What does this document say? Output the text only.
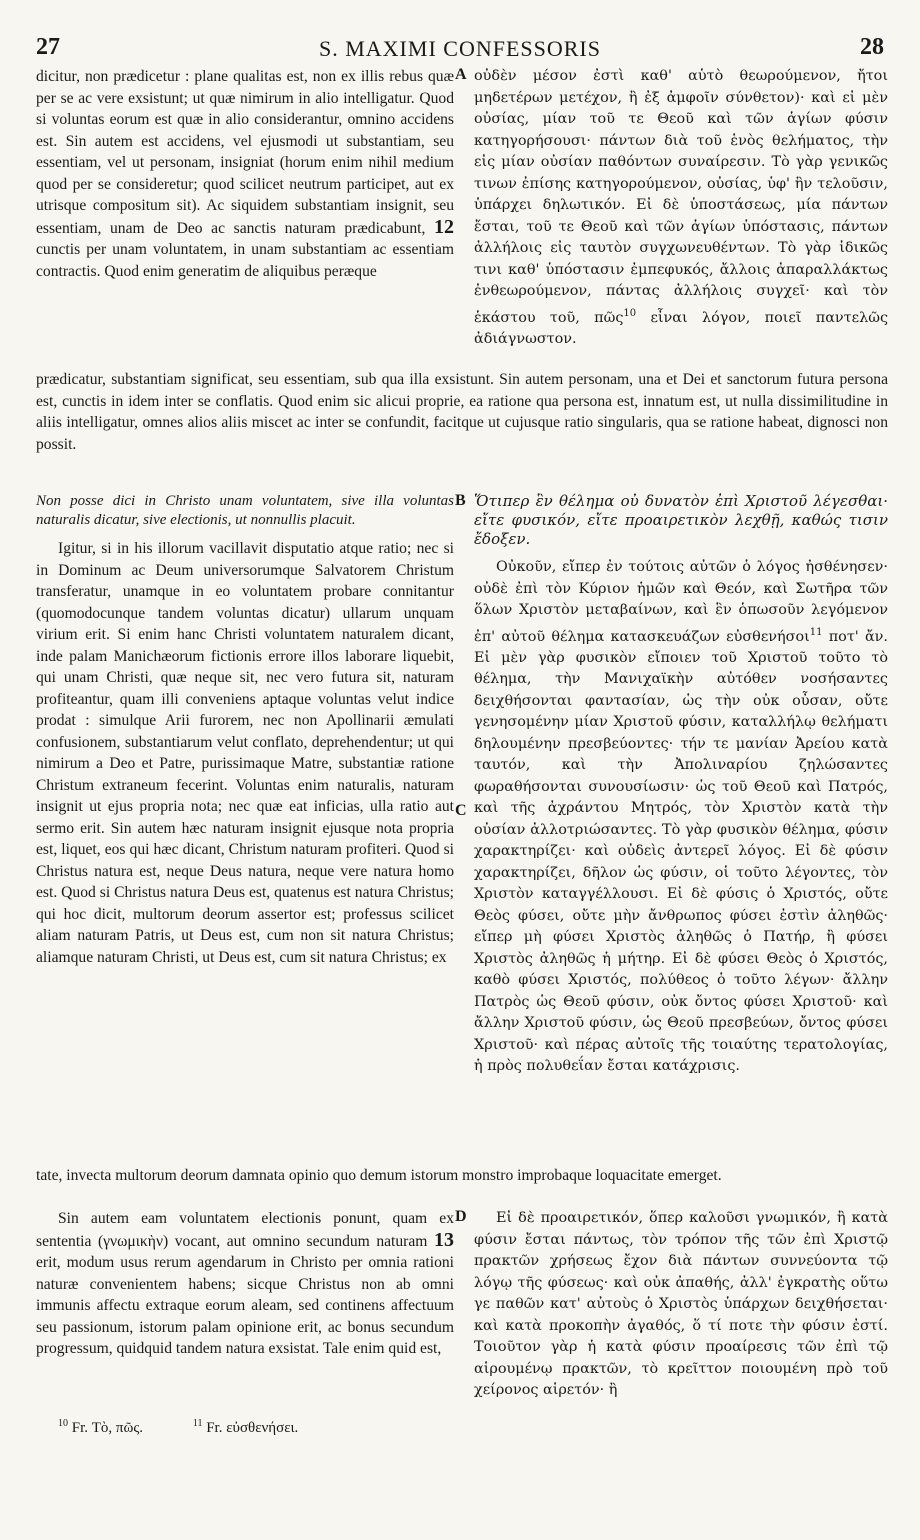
27	S. MAXIMI CONFESSORIS	28

dicitur, non prædicetur : plane qualitas est, non ex illis rebus quæ per se ac vere exsistunt; ut quæ nimirum in alio intelligatur. Quod si voluntas eorum est quæ in alio considerantur, omnino accidens est. Sin autem est accidens, vel ejusmodi ut substantiam, seu essentiam, vel ut personam, insigniat (horum enim nihil medium quod per se consideretur; quod scilicet neutrum participet, aut ex utrisque compositum sit). Ac siquidem substantiam insignit, seu essentiam, unam de Deo ac sanctis naturam prædicabunt, 12 cunctis per unam voluntatem, in unam substantiam ac essentiam contractis. Quod enim generatim de aliquibus peræque

A οὐδὲν μέσον ἐστὶ καθ' αὑτὸ θεωρούμενον, ἤτοι μηδετέρων μετέχον, ἢ ἐξ ἀμφοῖν σύνθετον)· καὶ εἰ μὲν οὐσίας, μίαν τοῦ τε Θεοῦ καὶ τῶν ἁγίων φύσιν κατηγορήσουσι· πάντων διὰ τοῦ ἑνὸς θελήματος, τὴν εἰς μίαν οὐσίαν παθόντων συναίρεσιν. Τὸ γὰρ γενικῶς τινων ἐπίσης κατηγορούμενον, οὐσίας, ὑφ' ἣν τελοῦσιν, ὑπάρχει δηλωτικόν. Εἰ δὲ ὑποστάσεως, μία πάντων ἔσται, τοῦ τε Θεοῦ καὶ τῶν ἁγίων ὑπόστασις, πάντων ἀλλήλοις εἰς ταυτὸν συγχωνευθέντων. Τὸ γὰρ ἰδικῶς τινι καθ' ὑπόστασιν ἐμπεφυκός, ἄλλοις ἀπαραλλάκτως ἐνθεωρούμενον, πάντας ἀλλήλοις συγχεῖ· καὶ τὸν ἑκάστου τοῦ, πῶς$^{10}$ εἶναι λόγον, ποιεῖ παντελῶς ἀδιάγνωστον.

prædicatur, substantiam significat, seu essentiam, sub qua illa exsistunt. Sin autem personam, una et Dei et sanctorum futura persona est, cunctis in idem inter se conflatis. Quod enim sic alicui proprie, ea ratione qua persona est, innatum est, ut nulla dissimilitudine in aliis intelligatur, omnes alios aliis miscet ac inter se confundit, facitque ut cujusque ratio singularis, qua se ratione habeat, dignosci non possit.

Non posse dici in Christo unam voluntatem, sive illa voluntas naturalis dicatur, sive electionis, ut nonnullis placuit.

Igitur, si in his illorum vacillavit disputatio atque ratio; nec si in Dominum ac Deum universorumque Salvatorem Christum transferatur, unamque in eo voluntatem probare connitantur (quomodocunque tandem voluntas dicatur) ullarum unquam virium erit. Si enim hanc Christi voluntatem naturalem dicant, inde palam Manichæorum fictionis errore illos laborare liquebit, qui unam Christi, quæ neque sit, nec vero futura sit, naturam profiteantur, quam illi conveniens aptaque voluntas velut indice prodat : simulque Arii furorem, nec non Apollinarii æmulati confusionem, substantiarum velut conflato, deprehendentur; ut qui nimirum a Deo et Patre, purissimaque Matre, substantiæ ratione Christum extraneum fecerint. Voluntas enim naturalis, naturam insignit ut ejus propria nota; nec quæ eat inficias, ulla ratio aut sermo erit. Sin autem hæc naturam insignit ejusque nota propria est, liquet, eos qui hæc dicant, Christum naturam profiteri. Quod si Christus natura est, neque Deus natura, neque vere natura homo est. Quod si Christus natura Deus est, quatenus est natura Christus; qui hoc dicit, multorum deorum assertor est; professus scilicet aliam naturam Patris, ut Deus est, cum non sit natura Christus; aliamque naturam Christi, ut Deus est, cum sit natura Christus; ex

B
C

Ὅτιπερ ἓν θέλημα οὐ δυνατὸν ἐπὶ Χριστοῦ λέγεσθαι· εἴτε φυσικόν, εἴτε προαιρετικὸν λεχθῇ, καθώς τισιν ἔδοξεν.

Οὐκοῦν, εἴπερ ἐν τούτοις αὐτῶν ὁ λόγος ἠσθένησεν· οὐδὲ ἐπὶ τὸν Κύριον ἡμῶν καὶ Θεόν, καὶ Σωτῆρα τῶν ὅλων Χριστὸν μεταβαίνων, καὶ ἓν ὁπωσοῦν λεγόμενον ἐπ' αὐτοῦ θέλημα κατασκευάζων εὐσθενήσοι$^{11}$ ποτ' ἄν. Εἰ μὲν γὰρ φυσικὸν εἴποιεν τοῦ Χριστοῦ τοῦτο τὸ θέλημα, τὴν Μανιχαϊκὴν αὐτόθεν νοσήσαντες δειχθήσονται φαντασίαν, ὡς τὴν οὐκ οὖσαν, οὔτε γενησομένην μίαν Χριστοῦ φύσιν, καταλλήλῳ θελήματι δηλουμένην πρεσβεύοντες· τήν τε μανίαν Ἀρείου κατὰ ταυτόν, καὶ τὴν Ἀπολιναρίου ζηλώσαντες φωραθήσονται συνουσίωσιν· ὡς τοῦ Θεοῦ καὶ Πατρός, καὶ τῆς ἀχράντου Μητρός, τὸν Χριστὸν κατὰ τὴν οὐσίαν ἀλλοτριώσαντες. Τὸ γὰρ φυσικὸν θέλημα, φύσιν χαρακτηρίζει· καὶ οὐδεὶς ἀντερεῖ λόγος. Εἰ δὲ φύσιν χαρακτηρίζει, δῆλον ὡς φύσιν, οἱ τοῦτο λέγοντες, τὸν Χριστὸν καταγγέλλουσι. Εἰ δὲ φύσις ὁ Χριστός, οὔτε Θεὸς φύσει, οὔτε μὴν ἄνθρωπος φύσει ἐστὶν ἀληθῶς· εἴπερ μὴ φύσει Χριστὸς ἀληθῶς ὁ Πατήρ, ἢ φύσει Χριστὸς ἀληθῶς ἡ μήτηρ. Εἰ δὲ φύσει Θεὸς ὁ Χριστός, καθὸ φύσει Χριστός, πολύθεος ὁ τοῦτο λέγων· ἄλλην Πατρὸς ὡς Θεοῦ φύσιν, οὐκ ὄντος φύσει Χριστοῦ· καὶ ἄλλην Χριστοῦ φύσιν, ὡς Θεοῦ πρεσβεύων, ὄντος φύσει Χριστοῦ· καὶ πέρας αὐτοῖς τῆς τοιαύτης τερατολογίας, ἡ πρὸς πολυθεΐαν ἔσται κατάχρισις.

tate, invecta multorum deorum damnata opinio quo demum istorum monstro improbaque loquacitate emerget.

Sin autem eam voluntatem electionis ponunt, quam ex sententia (γνωμικὴν) vocant, aut omnino secundum naturam 13 erit, modum usus rerum agendarum in Christo per omnia rationi naturæ convenientem habens; sicque Christus non ab omni immunis affectu extraque eorum aleam, sed continens affectuum seu passionum, istorum palam opinione erit, ac bonus secundum progressum, quidquid tandem natura exsistat. Tale enim quid est,

D	Εἰ δὲ προαιρετικόν, ὅπερ καλοῦσι γνωμικόν, ἢ κατὰ φύσιν ἔσται πάντως, τὸν τρόπον τῆς τῶν ἐπὶ Χριστῷ πρακτῶν χρήσεως ἔχον διὰ πάντων συννεύοντα τῷ λόγῳ τῆς φύσεως· καὶ οὐκ ἀπαθής, ἀλλ' ἐγκρατὴς οὕτω γε παθῶν κατ' αὐτοὺς ὁ Χριστὸς ὑπάρχων δειχθήσεται· καὶ κατὰ προκοπὴν ἀγαθός, ὅ τί ποτε τὴν φύσιν ἐστί. Τοιοῦτον γὰρ ἡ κατὰ φύσιν προαίρεσις τῶν ἐπὶ τῷ αἱρουμένῳ πρακτῶν, τὸ κρεῖττον ποιουμένη πρὸ τοῦ χείρονος αἱρετόν· ἢ

$^{10}$ Fr. Τὸ, πῶς.	$^{11}$ Fr. εὐσθενήσει.
